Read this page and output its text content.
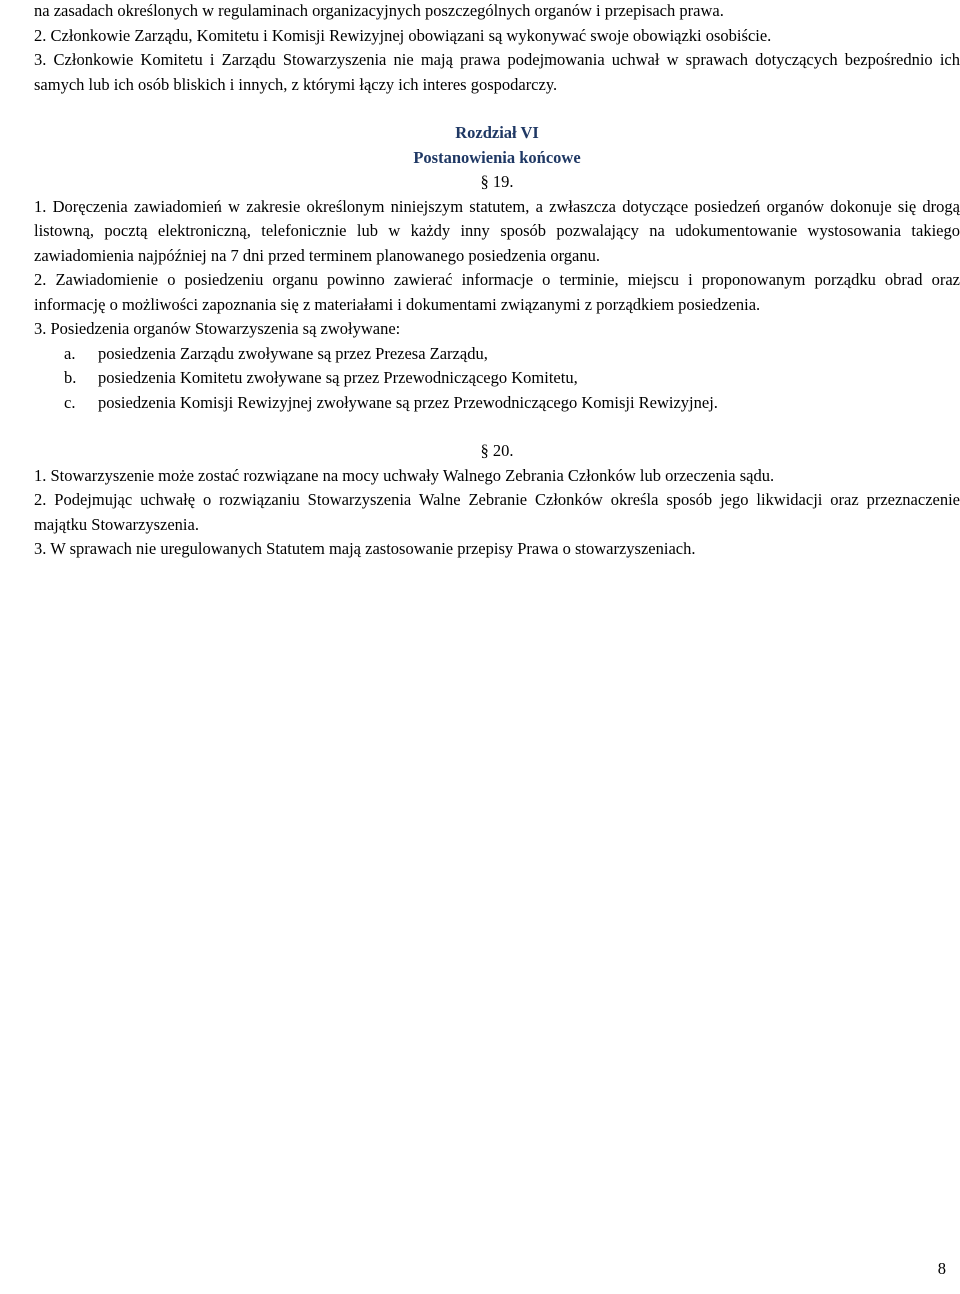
na zasadach określonych w regulaminach organizacyjnych poszczególnych organów i przepisach prawa.
2. Członkowie Zarządu, Komitetu i Komisji Rewizyjnej obowiązani są wykonywać swoje obowiązki osobiście.
3. Członkowie Komitetu i Zarządu Stowarzyszenia nie mają prawa podejmowania uchwał w sprawach dotyczących bezpośrednio ich samych lub ich osób bliskich i innych, z którymi łączy ich interes gospodarczy.
Rozdział VI
Postanowienia końcowe
§ 19.
1. Doręczenia zawiadomień w zakresie określonym niniejszym statutem, a zwłaszcza dotyczące posiedzeń organów dokonuje się drogą listowną, pocztą elektroniczną, telefonicznie lub w każdy inny sposób pozwalający na udokumentowanie wystosowania takiego zawiadomienia najpóźniej na 7 dni przed terminem planowanego posiedzenia organu.
2. Zawiadomienie o posiedzeniu organu powinno zawierać informacje o terminie, miejscu i proponowanym porządku obrad oraz informację o możliwości zapoznania się z materiałami i dokumentami związanymi z porządkiem posiedzenia.
3. Posiedzenia organów Stowarzyszenia są zwoływane:
a. posiedzenia Zarządu zwoływane są przez Prezesa Zarządu,
b. posiedzenia Komitetu zwoływane są przez Przewodniczącego Komitetu,
c. posiedzenia Komisji Rewizyjnej zwoływane są przez Przewodniczącego Komisji Rewizyjnej.
§ 20.
1. Stowarzyszenie może zostać rozwiązane na mocy uchwały Walnego Zebrania Członków lub orzeczenia sądu.
2. Podejmując uchwałę o rozwiązaniu Stowarzyszenia Walne Zebranie Członków określa sposób jego likwidacji oraz przeznaczenie majątku Stowarzyszenia.
3. W sprawach nie uregulowanych Statutem mają zastosowanie przepisy Prawa o stowarzyszeniach.
8
